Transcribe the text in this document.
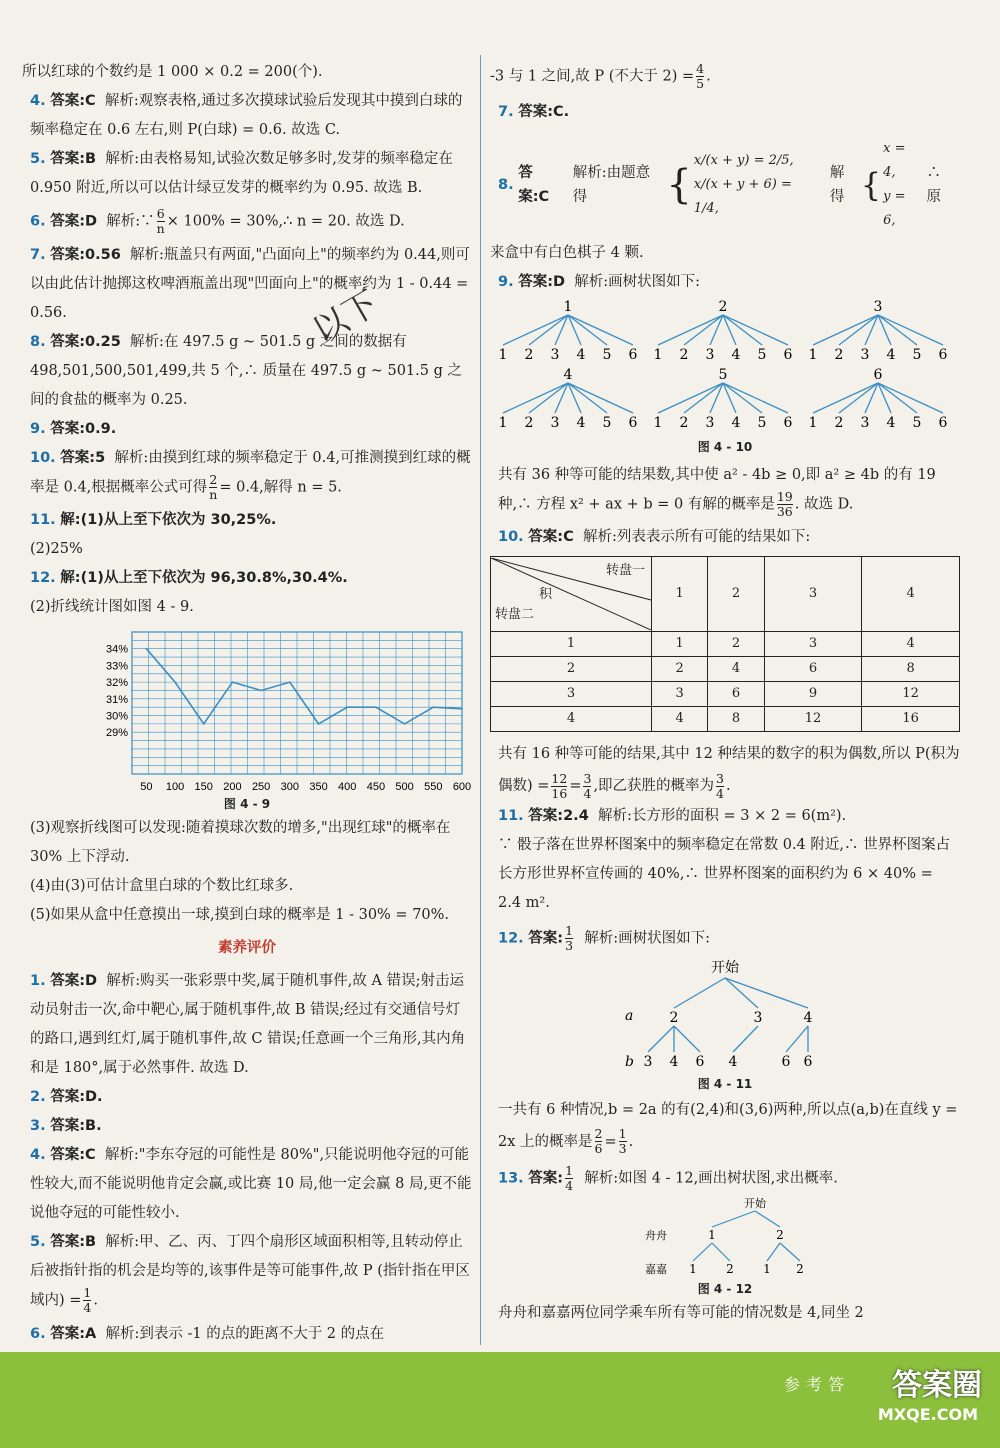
以下

所以红球的个数约是 1 000 × 0.2 = 200(个).

4. 答案:C 解析:观察表格,通过多次摸球试验后发现其中摸到白球的频率稳定在 0.6 左右,则 P(白球) = 0.6. 故选 C.

5. 答案:B 解析:由表格易知,试验次数足够多时,发芽的频率稳定在 0.950 附近,所以可以估计绿豆发芽的概率约为 0.95. 故选 B.

6. 答案:D 解析:∵ $\frac{6}{n} \times 100\%$ = 30%,∴ n = 20. 故选 D.

7. 答案:0.56 解析:瓶盖只有两面,"凸面向上"的频率约为 0.44,则可以由此估计抛掷这枚啤酒瓶盖出现"凹面向上"的概率约为 1 - 0.44 = 0.56.

8. 答案:0.25 解析:在 497.5 g ~ 501.5 g 之间的数据有 498,501,500,501,499,共 5 个,∴ 质量在 497.5 g ~ 501.5 g 之间的食盐的概率为 0.25.

9. 答案:0.9.

10. 答案:5 解析:由摸到红球的频率稳定于 0.4,可推测摸到红球的概率是 0.4,根据概率公式可得 $\frac{2}{n} = 0.4$,解得 n = 5.

11. 解:(1)从上至下依次为 30,25%.

(2)25%

12. 解:(1)从上至下依次为 96,30.8%,30.4%.

(2)折线统计图如图 4 - 9.

34%
33%
32%
31%
30%
29%
50 100 150 200 250 300 350 400 450 500 550 600
图 4 - 9

(3)观察折线图可以发现:随着摸球次数的增多,"出现红球"的概率在 30% 上下浮动.

(4)由(3)可估计盒里白球的个数比红球多.

(5)如果从盒中任意摸出一球,摸到白球的概率是 1 - 30% = 70%.

素养评价

1. 答案:D 解析:购买一张彩票中奖,属于随机事件,故 A 错误;射击运动员射击一次,命中靶心,属于随机事件,故 B 错误;经过有交通信号灯的路口,遇到红灯,属于随机事件,故 C 错误;任意画一个三角形,其内角和是 180°,属于必然事件. 故选 D.

2. 答案:D.

3. 答案:B.

4. 答案:C 解析:"李东夺冠的可能性是 80%",只能说明他夺冠的可能性较大,而不能说明他肯定会赢,或比赛 10 局,他一定会赢 8 局,更不能说他夺冠的可能性较小.

5. 答案:B 解析:甲、乙、丙、丁四个扇形区域面积相等,且转动停止后被指针指的机会是均等的,该事件是等可能事件,故 P (指针指在甲区域内) = $\frac{1}{4}$ .

6. 答案:A 解析:到表示 -1 的点的距离不大于 2 的点在

-3 与 1 之间,故 P (不大于 $2) = \frac{4}{5}$ .

7. 答案:C.

8.

答案:C

解析:由题意得	{
x/(x + y) = 2/5,
x/(x + y + 6) = 1/4,

解得 {
x = 4,
y = 6,

∴ 原

来盒中有白色棋子 4 颗.

9. 答案:D 解析:画树状图如下:

1
1 2 3 4 5 6
2
1 2 3 4 5 6
3
1 2 3 4 5 6
4
1 2 3 4 5 6
5
1 2 3 4 5 6
6
1 2 3 4 5 6
图 4 - 10

共有 36 种等可能的结果数,其中使 a² - 4b ≥ 0,即 a² ≥ 4b 的有 19 种,∴ 方程 x² + ax + b = 0 有解的概率是 $\frac{19}{36}$ . 故选 D.

10. 答案:C 解析:列表表示所有可能的结果如下:

转盘一
积
转盘二	1	2	3	4
1	1	2	3	4
2	2	4	6	8
3	3	6	9	12
4	4	8	12	16

共有 16 种等可能的结果,其中 12 种结果的数字的积为偶数,所以 P(积为偶数) = $\frac{12}{16} = \frac{3}{4}$ ,即乙获胜的概率为 $\frac{3}{4}$ .

11. 答案:2.4 解析:长方形的面积 = 3 × 2 = 6(m²).

∵ 骰子落在世界杯图案中的频率稳定在常数 0.4 附近,∴ 世界杯图案占长方形世界杯宣传画的 40%,∴ 世界杯图案的面积约为 6 × 40% = 2.4 m².

12. 答案: $\frac{1}{3}$ 解析:画树状图如下:

开始
a
b
2
3 4 6
3
4
4
6 6
图 4 - 11

一共有 6 种情况,b = 2a 的有(2,4)和(3,6)两种,所以点(a,b)在直线 y = 2x 上的概率是 $\frac{2}{6} = \frac{1}{3}$ .

13. 答案: $\frac{1}{4}$ 解析:如图 4 - 12,画出树状图,求出概率.

开始
舟舟
嘉嘉
1
1 2
2
1 2
图 4 - 12

舟舟和嘉嘉两位同学乘车所有等可能的情况数是 4,同坐 2

参考答 答案圈
MXQE.COM
